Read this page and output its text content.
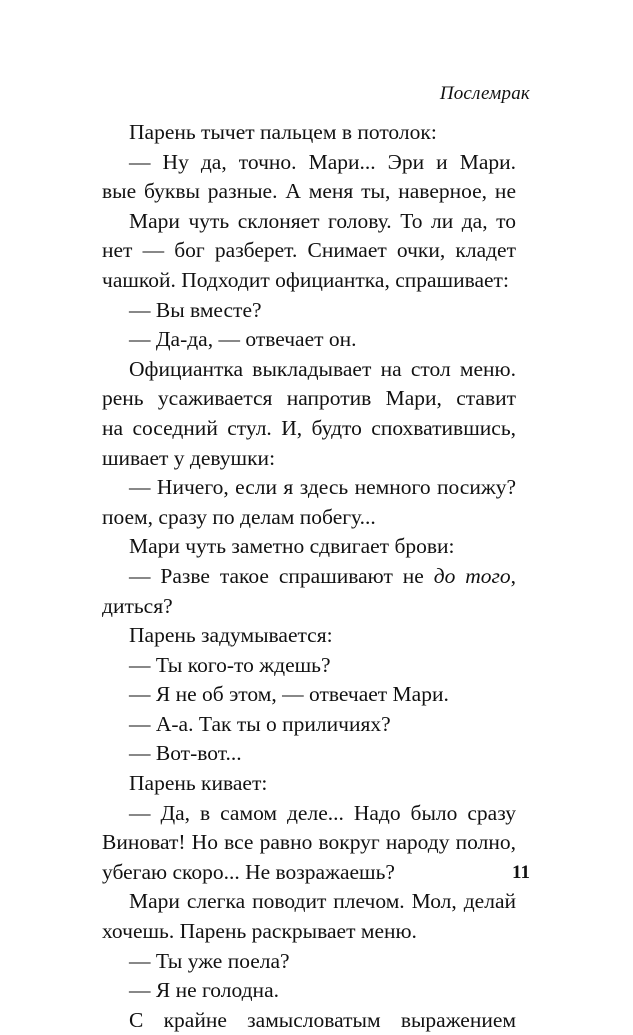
Послемрак
Парень тычет пальцем в потолок:
— Ну да, точно. Мари... Эри и Мари.
вые буквы разные. А меня ты, наверное, не
Мари чуть склоняет голову. То ли да, то
нет — бог разберет. Снимает очки, кладет
чашкой. Подходит официантка, спрашивает:
— Вы вместе?
— Да-да, — отвечает он.
Официантка выкладывает на стол меню.
рень усаживается напротив Мари, ставит
на соседний стул. И, будто спохватившись,
шивает у девушки:
— Ничего, если я здесь немного посижу?
поем, сразу по делам побегу...
Мари чуть заметно сдвигает брови:
— Разве такое спрашивают не до того,
диться?
Парень задумывается:
— Ты кого-то ждешь?
— Я не об этом, — отвечает Мари.
— А-а. Так ты о приличиях?
— Вот-вот...
Парень кивает:
— Да, в самом деле... Надо было сразу
Виноват! Но все равно вокруг народу полно,
убегаю скоро... Не возражаешь?
Мари слегка поводит плечом. Мол, делай
хочешь. Парень раскрывает меню.
— Ты уже поела?
— Я не голодна.
С крайне замысловатым выражением
11
